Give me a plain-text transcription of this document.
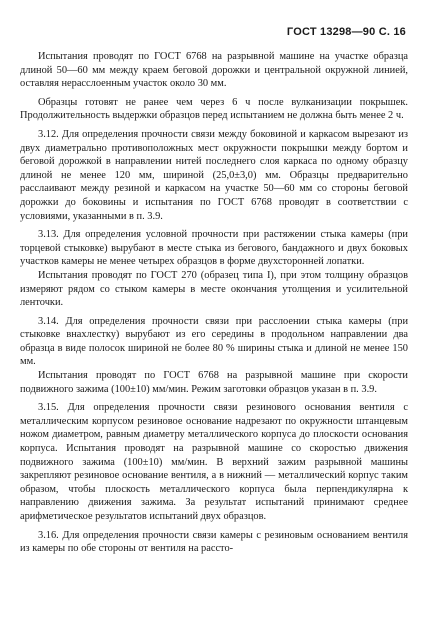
ГОСТ 13298—90 С. 16

Испытания проводят по ГОСТ 6768 на разрывной машине на участке образца длиной 50—60 мм между краем беговой дорожки и центральной окружной линией, оставляя нерасслоенным участок около 30 мм.

Образцы готовят не ранее чем через 6 ч после вулканизации покрышек. Продолжительность выдержки образцов перед испытанием не должна быть менее 2 ч.

3.12. Для определения прочности связи между боковиной и каркасом вырезают из двух диаметрально противоположных мест окружности покрышки между бортом и беговой дорожкой в направлении нитей последнего слоя каркаса по одному образцу длиной не менее 120 мм, шириной (25,0±3,0) мм. Образцы предварительно расслаивают между резиной и каркасом на участке 50—60 мм со стороны беговой дорожки до боковины и испытания по ГОСТ 6768 проводят в соответствии с условиями, указанными в п. 3.9.

3.13. Для определения условной прочности при растяжении стыка камеры (при торцевой стыковке) вырубают в месте стыка из бегового, бандажного и двух боковых участков камеры не менее четырех образцов в форме двухсторонней лопатки.

Испытания проводят по ГОСТ 270 (образец типа I), при этом толщину образцов измеряют рядом со стыком камеры в месте окончания утолщения и усилительной ленточки.

3.14. Для определения прочности связи при расслоении стыка камеры (при стыковке внахлестку) вырубают из его середины в продольном направлении два образца в виде полосок шириной не более 80 % ширины стыка и длиной не менее 150 мм.

Испытания проводят по ГОСТ 6768 на разрывной машине при скорости подвижного зажима (100±10) мм/мин. Режим заготовки образцов указан в п. 3.9.

3.15. Для определения прочности связи резинового основания вентиля с металлическим корпусом резиновое основание надрезают по окружности штанцевым ножом диаметром, равным диаметру металлического корпуса до плоскости основания корпуса. Испытания проводят на разрывной машине со скоростью движения подвижного зажима (100±10) мм/мин. В верхний зажим разрывной машины закрепляют резиновое основание вентиля, а в нижний — металлический корпус таким образом, чтобы плоскость металлического корпуса была перпендикулярна к направлению движения зажима. За результат испытаний принимают среднее арифметическое результатов испытаний двух образцов.

3.16. Для определения прочности связи камеры с резиновым основанием вентиля из камеры по обе стороны от вентиля на рассто-
